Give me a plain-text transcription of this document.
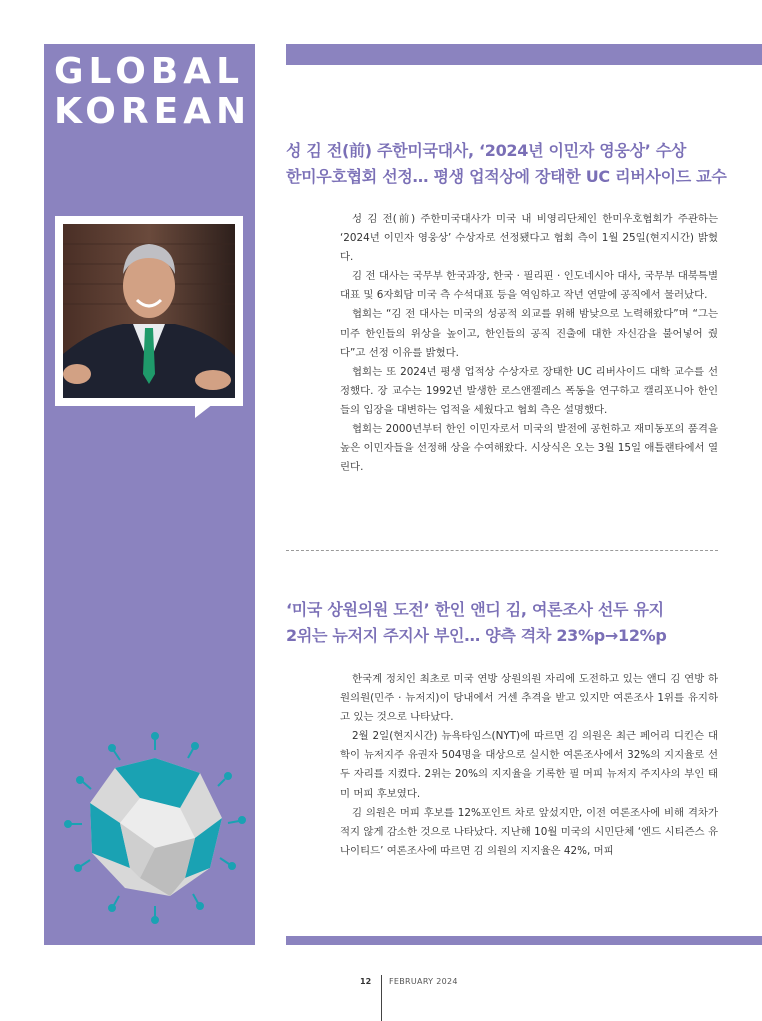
GLOBAL
KOREAN
성 김 전(前) 주한미국대사, ‘2024년 이민자 영웅상’ 수상
한미우호협회 선정… 평생 업적상에 장태한 UC 리버사이드 교수

성 김 전(前) 주한미국대사가 미국 내 비영리단체인 한미우호협회가 주관하는 ‘2024년 이민자 영웅상’ 수상자로 선정됐다고 협회 측이 1월 25일(현지시간) 밝혔다.

김 전 대사는 국무부 한국과장, 한국 · 필리핀 · 인도네시아 대사, 국무부 대북특별대표 및 6자회담 미국 측 수석대표 등을 역임하고 작년 연말에 공직에서 물러났다.

협회는 “김 전 대사는 미국의 성공적 외교를 위해 밤낮으로 노력해왔다”며 “그는 미주 한인들의 위상을 높이고, 한인들의 공직 진출에 대한 자신감을 불어넣어 줬다”고 선정 이유를 밝혔다.

협회는 또 2024년 평생 업적상 수상자로 장태한 UC 리버사이드 대학 교수를 선정했다. 장 교수는 1992년 발생한 로스앤젤레스 폭동을 연구하고 캘리포니아 한인들의 입장을 대변하는 업적을 세웠다고 협회 측은 설명했다.

협회는 2000년부터 한인 이민자로서 미국의 발전에 공헌하고 재미동포의 품격을 높은 이민자들을 선정해 상을 수여해왔다. 시상식은 오는 3월 15일 애틀랜타에서 열린다.

‘미국 상원의원 도전’ 한인 앤디 김, 여론조사 선두 유지
2위는 뉴저지 주지사 부인… 양측 격차 23%p→12%p

한국계 정치인 최초로 미국 연방 상원의원 자리에 도전하고 있는 앤디 김 연방 하원의원(민주 · 뉴저지)이 당내에서 거센 추격을 받고 있지만 여론조사 1위를 유지하고 있는 것으로 나타났다.

2월 2일(현지시간) 뉴욕타임스(NYT)에 따르면 김 의원은 최근 페어리 디킨슨 대학이 뉴저지주 유권자 504명을 대상으로 실시한 여론조사에서 32%의 지지율로 선두 자리를 지켰다. 2위는 20%의 지지율을 기록한 필 머피 뉴저지 주지사의 부인 태미 머피 후보였다.

김 의원은 머피 후보를 12%포인트 차로 앞섰지만, 이전 여론조사에 비해 격차가 적지 않게 감소한 것으로 나타났다. 지난해 10월 미국의 시민단체 ‘엔드 시티즌스 유나이티드’ 여론조사에 따르면 김 의원의 지지율은 42%, 머피

12 FEBRUARY 2024
